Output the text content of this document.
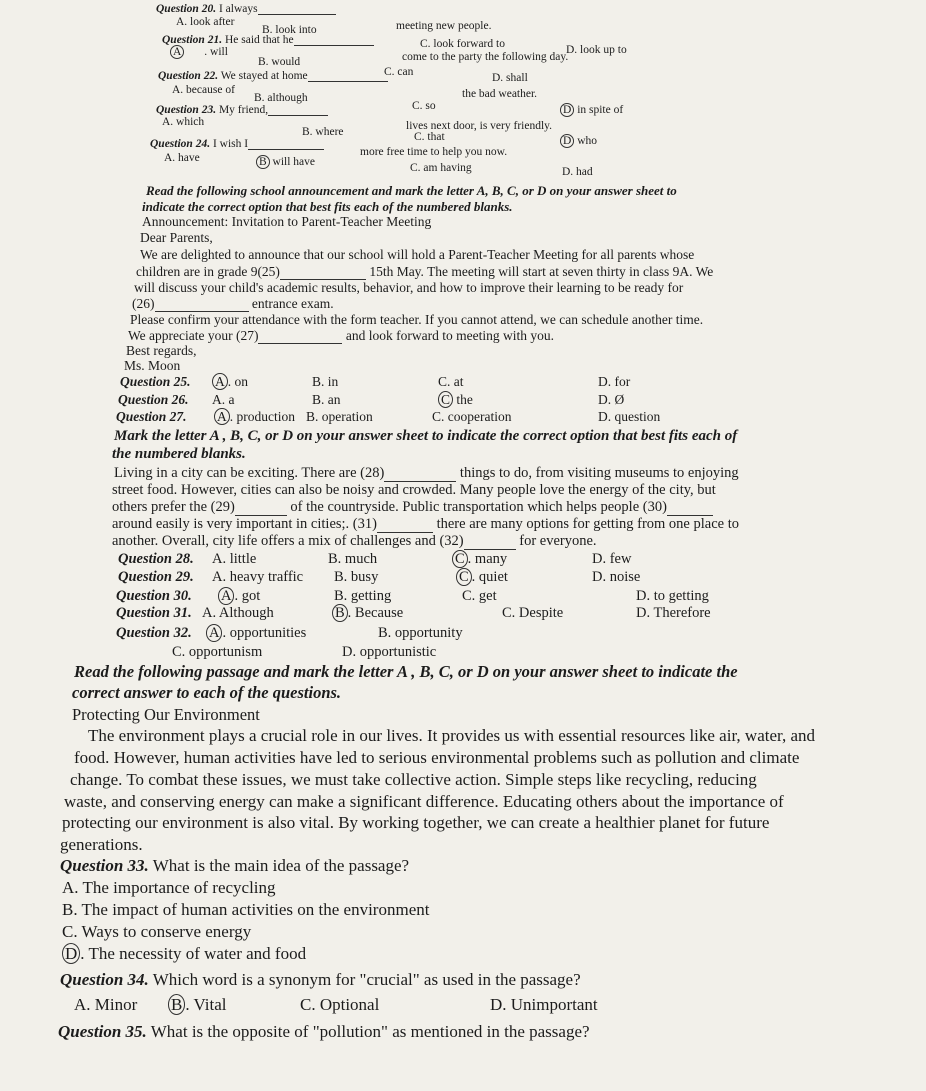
Question 20. I always
meeting new people.
A. look after
B. look into
C. look forward to	D. look up to
Question 21. He said that he
come to the party the following day.
A . will
B. would
C. can	D. shall
Question 22. We stayed at home
the bad weather.
A. because of
B. although
C. so	D in spite of
Question 23. My friend,
lives next door, is very friendly.
A. which
B. where	C. that	D who
Question 24. I wish I
more free time to help you now.
A. have	B will have	C. am having	D. had
Read the following school announcement and mark the letter A, B, C, or D on your answer sheet to
indicate the correct option that best fits each of the numbered blanks.
Announcement: Invitation to Parent-Teacher Meeting
Dear Parents,
We are delighted to announce that our school will hold a Parent-Teacher Meeting for all parents whose
children are in grade 9(25)	15th May. The meeting will start at seven thirty in class 9A. We
will discuss your child's academic results, behavior, and how to improve their learning to be ready for
(26)	entrance exam.
Please confirm your attendance with the form teacher. If you cannot attend, we can schedule another time.
We appreciate your (27)	and look forward to meeting with you.
Best regards,
Ms. Moon
Question 25. A . on	B. in	C. at	D. for
Question 26. A. a	B. an	C the	D. Ø
Question 27. A . production B. operation	C. cooperation	D. question
Mark the letter A , B, C, or D on your answer sheet to indicate the correct option that best fits each of
the numbered blanks.
Living in a city can be exciting. There are (28)	things to do, from visiting museums to enjoying
street food. However, cities can also be noisy and crowded. Many people love the energy of the city, but
others prefer the (29)	of the countryside. Public transportation which helps people (30)
around easily is very important in cities;. (31)	there are many options for getting from one place to
another. Overall, city life offers a mix of challenges and (32)	for everyone.
Question 28. A. little	B. much	C . many	D. few
Question 29. A. heavy traffic B. busy	C . quiet	D. noise
Question 30. A . got	B. getting	C. get	D. to getting
Question 31. A. Although	B . Because	C. Despite	D. Therefore
Question 32. A . opportunities	B. opportunity
C. opportunism	D. opportunistic
Read the following passage and mark the letter A , B, C, or D on your answer sheet to indicate the
correct answer to each of the questions.
Protecting Our Environment
The environment plays a crucial role in our lives. It provides us with essential resources like air, water, and
food. However, human activities have led to serious environmental problems such as pollution and climate
change. To combat these issues, we must take collective action. Simple steps like recycling, reducing
waste, and conserving energy can make a significant difference. Educating others about the importance of
protecting our environment is also vital. By working together, we can create a healthier planet for future
generations.
Question 33. What is the main idea of the passage?
A. The importance of recycling
B. The impact of human activities on the environment
C. Ways to conserve energy
D . The necessity of water and food
Question 34. Which word is a synonym for "crucial" as used in the passage?
A. Minor B . Vital	C. Optional	D. Unimportant
Question 35. What is the opposite of "pollution" as mentioned in the passage?
